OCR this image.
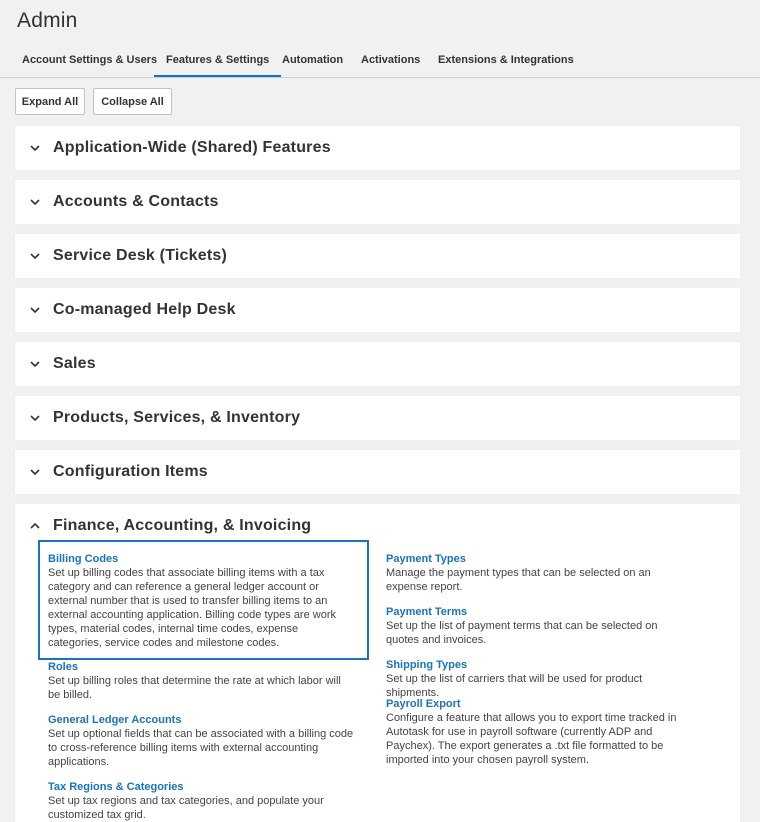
Admin
Account Settings & Users Features & Settings	Automation Activations Extensions & Integrations
Expand All	Collapse All
Application-Wide (Shared) Features
Accounts & Contacts
Service Desk (Tickets)
Co-managed Help Desk
Sales
Products, Services, & Inventory
Configuration Items
Finance, Accounting, & Invoicing
Billing Codes
Set up billing codes that associate billing items with a tax category and can reference a general ledger account or external number that is used to transfer billing items to an external accounting application. Billing code types are work types, material codes, internal time codes, expense categories, service codes and milestone codes.
Roles
Set up billing roles that determine the rate at which labor will be billed.
General Ledger Accounts
Set up optional fields that can be associated with a billing code to cross-reference billing items with external accounting applications.
Tax Regions & Categories
Set up tax regions and tax categories, and populate your customized tax grid.
Payment Types
Manage the payment types that can be selected on an expense report.
Payment Terms
Set up the list of payment terms that can be selected on quotes and invoices.
Shipping Types
Set up the list of carriers that will be used for product shipments.
Payroll Export
Configure a feature that allows you to export time tracked in Autotask for use in payroll software (currently ADP and Paychex). The export generates a .txt file formatted to be imported into your chosen payroll system.
